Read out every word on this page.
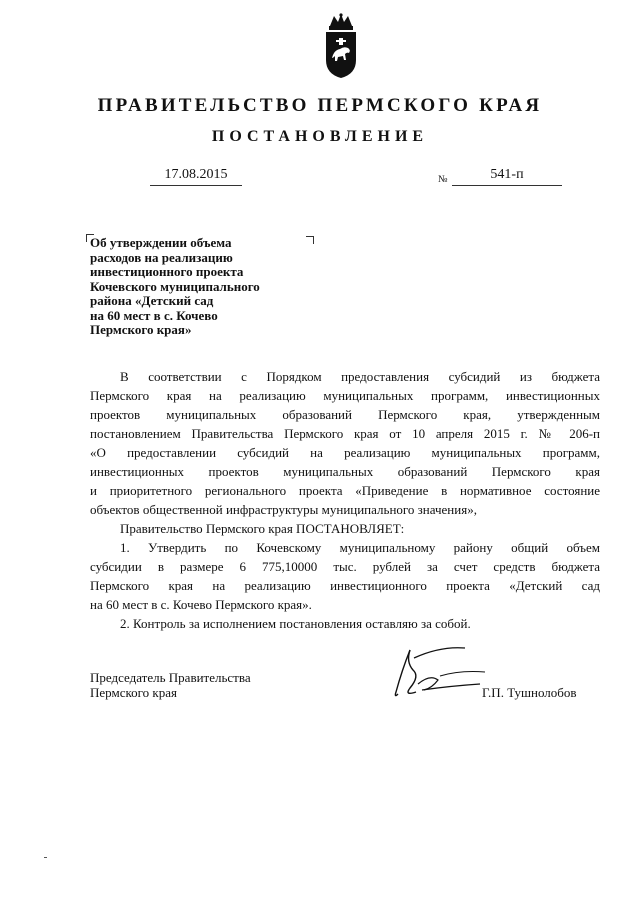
ПРАВИТЕЛЬСТВО ПЕРМСКОГО КРАЯ
ПОСТАНОВЛЕНИЕ
17.08.2015	№	541-п
Об утверждении объема
расходов на реализацию
инвестиционного проекта
Кочевского муниципального
района «Детский сад
на 60 мест в с. Кочево
Пермского края»

В соответствии с Порядком предоставления субсидий из бюджета

Пермского края на реализацию муниципальных программ, инвестиционных

проектов муниципальных образований Пермского края, утвержденным

постановлением Правительства Пермского края от 10 апреля 2015 г. № 206-п

«О предоставлении субсидий на реализацию муниципальных программ,

инвестиционных проектов муниципальных образований Пермского края

и приоритетного регионального проекта «Приведение в нормативное состояние

объектов общественной инфраструктуры муниципального значения»,

Правительство Пермского края ПОСТАНОВЛЯЕТ:

1. Утвердить по Кочевскому муниципальному району общий объем

субсидии в размере 6 775,10000 тыс. рублей за счет средств бюджета

Пермского края на реализацию инвестиционного проекта «Детский сад

на 60 мест в с. Кочево Пермского края».

2. Контроль за исполнением постановления оставляю за собой.

Председатель Правительства
Пермского края	Г.П. Тушнолобов
